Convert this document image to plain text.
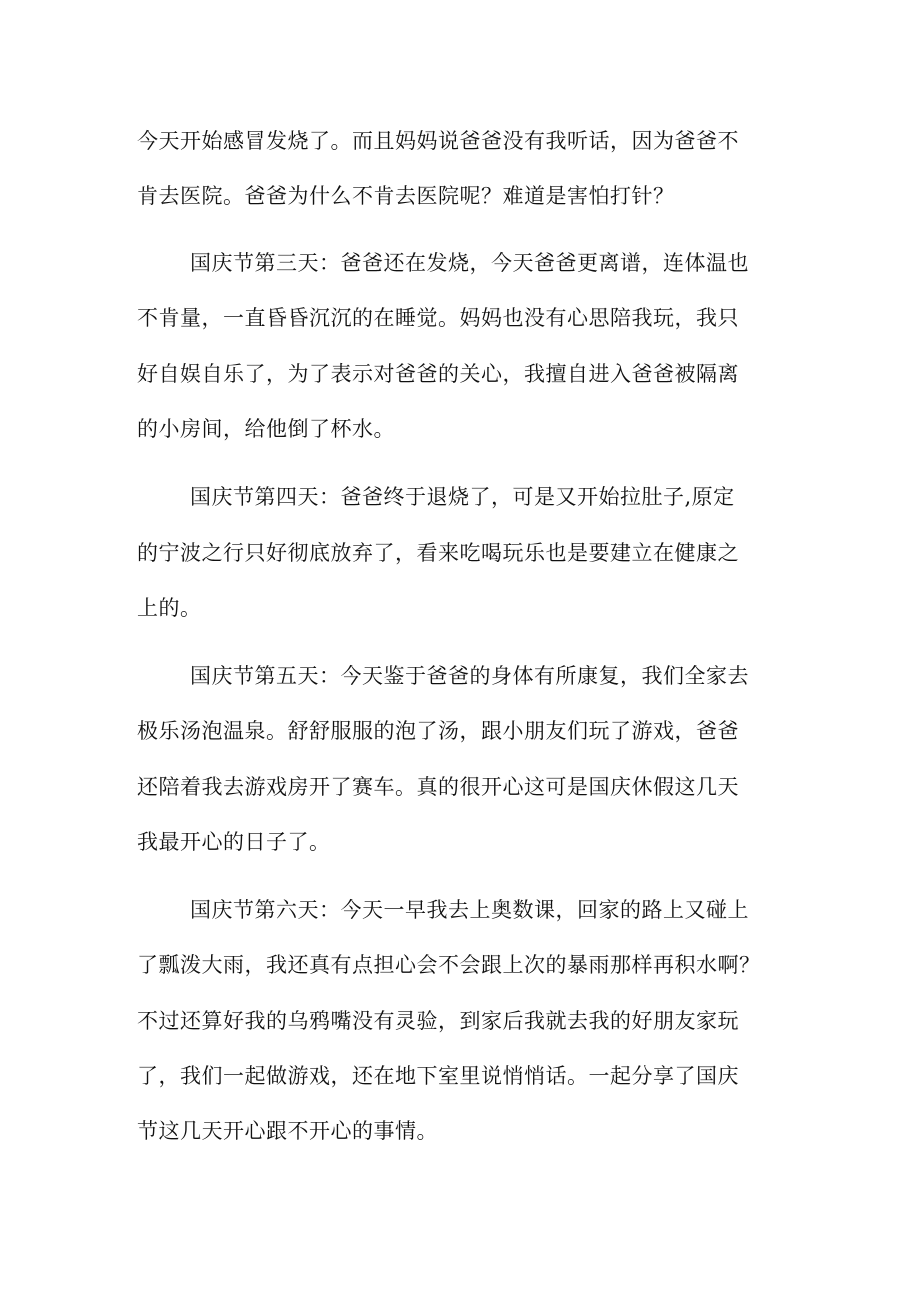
今天开始感冒发烧了。而且妈妈说爸爸没有我听话，因为爸爸不
肯去医院。爸爸为什么不肯去医院呢？难道是害怕打针？
国庆节第三天：爸爸还在发烧，今天爸爸更离谱，连体温也
不肯量，一直昏昏沉沉的在睡觉。妈妈也没有心思陪我玩，我只
好自娱自乐了，为了表示对爸爸的关心，我擅自进入爸爸被隔离
的小房间，给他倒了杯水。
国庆节第四天：爸爸终于退烧了，可是又开始拉肚子,原定
的宁波之行只好彻底放弃了，看来吃喝玩乐也是要建立在健康之
上的。
国庆节第五天：今天鉴于爸爸的身体有所康复，我们全家去
极乐汤泡温泉。舒舒服服的泡了汤，跟小朋友们玩了游戏，爸爸
还陪着我去游戏房开了赛车。真的很开心这可是国庆休假这几天
我最开心的日子了。
国庆节第六天：今天一早我去上奥数课，回家的路上又碰上
了瓢泼大雨，我还真有点担心会不会跟上次的暴雨那样再积水啊？
不过还算好我的乌鸦嘴没有灵验，到家后我就去我的好朋友家玩
了，我们一起做游戏，还在地下室里说悄悄话。一起分享了国庆
节这几天开心跟不开心的事情。
